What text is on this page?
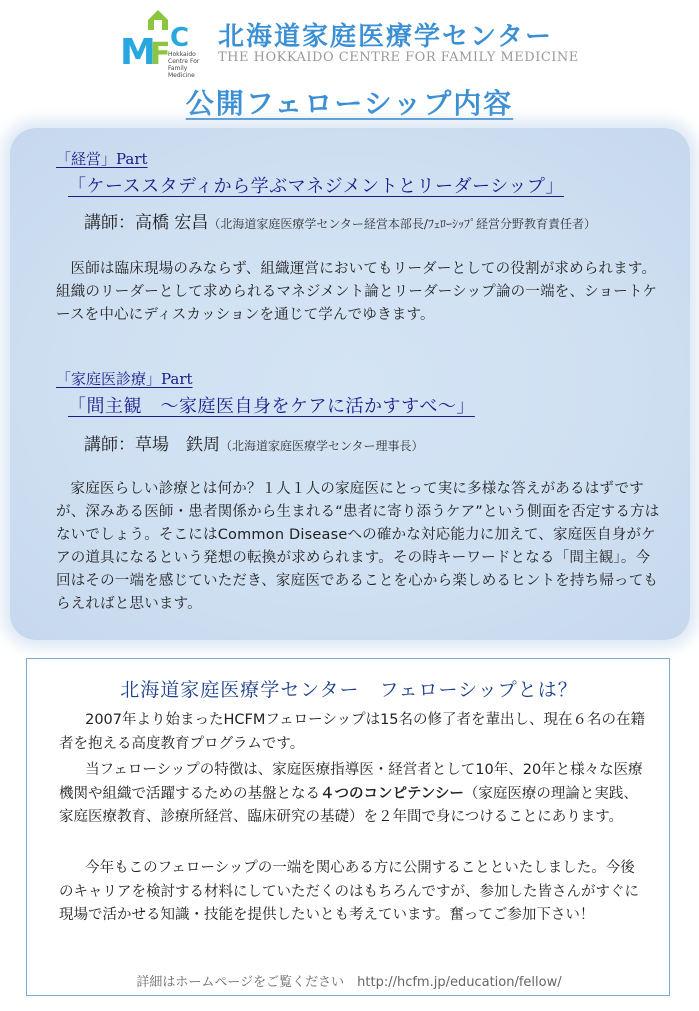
M
F C
Hokkaido
Centre For
Family
Medicine
北海道家庭医療学センター
THE HOKKAIDO CENTRE FOR FAMILY MEDICINE
公開フェローシップ内容
「経営」Part
「ケーススタディから学ぶマネジメントとリーダーシップ」
講師：高橋 宏昌（北海道家庭医療学センター経営本部長/ﾌｪﾛｰｼｯﾌﾟ経営分野教育責任者）
医師は臨床現場のみならず、組織運営においてもリーダーとしての役割が求められます。組織のリーダーとして求められるマネジメント論とリーダーシップ論の一端を、ショートケースを中心にディスカッションを通じて学んでゆきます。
「家庭医診療」Part
「間主観　～家庭医自身をケアに活かすすべ～」
講師：草場　鉄周（北海道家庭医療学センター理事長）
家庭医らしい診療とは何か？１人１人の家庭医にとって実に多様な答えがあるはずですが、深みある医師・患者関係から生まれる“患者に寄り添うケア”という側面を否定する方はないでしょう。そこにはCommon Diseaseへの確かな対応能力に加えて、家庭医自身がケアの道具になるという発想の転換が求められます。その時キーワードとなる「間主観」。今回はその一端を感じていただき、家庭医であることを心から楽しめるヒントを持ち帰ってもらえればと思います。
北海道家庭医療学センター　フェローシップとは？
2007年より始まったHCFMフェローシップは15名の修了者を輩出し、現在６名の在籍者を抱える高度教育プログラムです。
当フェローシップの特徴は、家庭医療指導医・経営者として10年、20年と様々な医療機関や組織で活躍するための基盤となる４つのコンピテンシー（家庭医療の理論と実践、家庭医療教育、診療所経営、臨床研究の基礎）を２年間で身につけることにあります。
今年もこのフェローシップの一端を関心ある方に公開することといたしました。今後のキャリアを検討する材料にしていただくのはもちろんですが、参加した皆さんがすぐに現場で活かせる知識・技能を提供したいとも考えています。奮ってご参加下さい！
詳細はホームページをご覧ください　 http://hcfm.jp/education/fellow/
